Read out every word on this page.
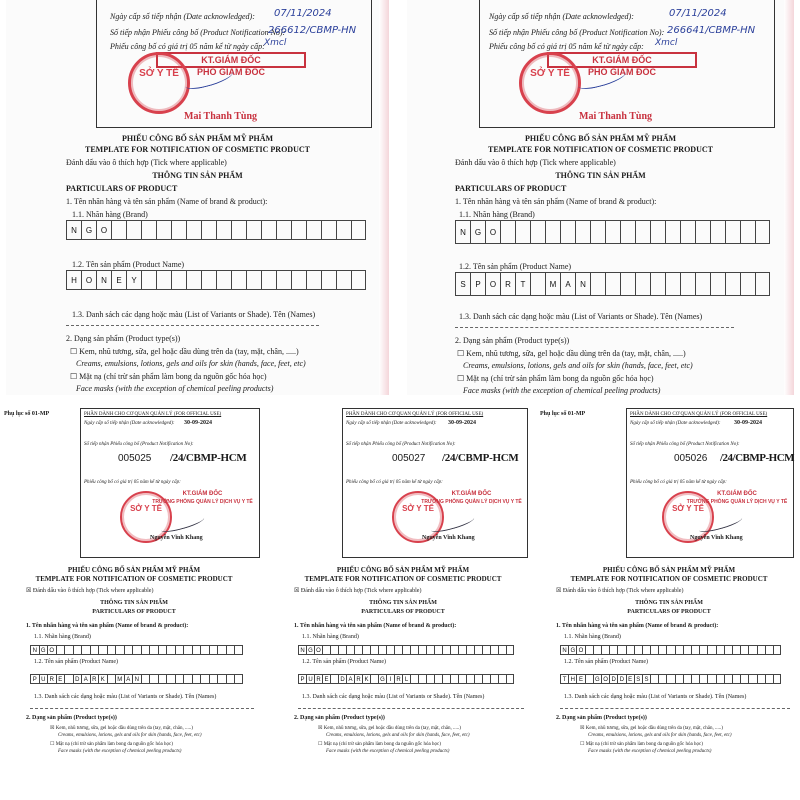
Ngày cấp số tiếp nhận (Date acknowledged): 07/11/2024
Số tiếp nhận Phiếu công bố (Product Notification No):
266612/CBMP-HN
Phiếu công bố có giá trị 05 năm kể từ ngày cấp: Xmcl
KT.GIÁM ĐỐC
PHÓ GIÁM ĐỐC
SỞ Y TẾ
Mai Thanh Tùng
PHIẾU CÔNG BỐ SẢN PHẨM MỸ PHẨM
TEMPLATE FOR NOTIFICATION OF COSMETIC PRODUCT
Đánh dấu vào ô thích hợp (Tick where applicable)
THÔNG TIN SẢN PHẨM
PARTICULARS OF PRODUCT
1. Tên nhãn hàng và tên sản phẩm (Name of brand & product):
1.1. Nhãn hàng (Brand)
N	G	O
1.2. Tên sản phẩm (Product Name)
H	O	N	E	Y
1.3. Danh sách các dạng hoặc màu (List of Variants or Shade). Tên (Names)
2. Dạng sản phẩm (Product type(s))
☐ Kem, nhũ tương, sữa, gel hoặc dầu dùng trên da (tay, mặt, chân, .....)
Creams, emulsions, lotions, gels and oils for skin (hands, face, feet, etc)
☐ Mặt nạ (chỉ trừ sản phẩm làm bong da nguồn gốc hóa học)
Face masks (with the exception of chemical peeling products)
Ngày cấp số tiếp nhận (Date acknowledged):	07/11/2024
Số tiếp nhận Phiếu công bố (Product Notification No): 266641/CBMP-HN
Phiếu công bố có giá trị 05 năm kể từ ngày cấp: Xmcl
KT.GIÁM ĐỐC
PHÓ GIÁM ĐỐC
SỞ Y TẾ
Mai Thanh Tùng
PHIẾU CÔNG BỐ SẢN PHẨM MỸ PHẨM
TEMPLATE FOR NOTIFICATION OF COSMETIC PRODUCT
Đánh dấu vào ô thích hợp (Tick where applicable)
THÔNG TIN SẢN PHẨM
PARTICULARS OF PRODUCT
1. Tên nhãn hàng và tên sản phẩm (Name of brand & product):
1.1. Nhãn hàng (Brand)
N	G	O
1.2. Tên sản phẩm (Product Name)
S	P	O	R	T	M	A	N
1.3. Danh sách các dạng hoặc màu (List of Variants or Shade). Tên (Names)
2. Dạng sản phẩm (Product type(s))
☐ Kem, nhũ tương, sữa, gel hoặc dầu dùng trên da (tay, mặt, chân, .....)
Creams, emulsions, lotions, gels and oils for skin (hands, face, feet, etc)
☐ Mặt nạ (chỉ trừ sản phẩm làm bong da nguồn gốc hóa học)
Face masks (with the exception of chemical peeling products)
Phụ lục số 01-MP	PHẦN DÀNH CHO CƠ QUAN QUẢN LÝ (FOR OFFICIAL USE)
Ngày cấp số tiếp nhận (Date acknowledged): 30-09-2024
Số tiếp nhận Phiếu công bố (Product Notification No):
005025 /24/CBMP-HCM
Phiếu công bố có giá trị 05 năm kể từ ngày cấp:
SỞ Y TẾ
KT.GIÁM ĐỐC
TRƯỞNG PHÒNG QUẢN LÝ DỊCH VỤ Y TẾ
Nguyễn Vĩnh Khang
PHIẾU CÔNG BỐ SẢN PHẨM MỸ PHẨM
TEMPLATE FOR NOTIFICATION OF COSMETIC PRODUCT
☒ Đánh dấu vào ô thích hợp (Tick where applicable)
THÔNG TIN SẢN PHẨM
PARTICULARS OF PRODUCT
1. Tên nhãn hàng và tên sản phẩm (Name of brand & product):
1.1. Nhãn hàng (Brand)
N G O
1.2. Tên sản phẩm (Product Name)
P U R E	D A R K	M A N
1.3. Danh sách các dạng hoặc màu (List of Variants or Shade). Tên (Names)
2. Dạng sản phẩm (Product type(s))
☒ Kem, nhũ tương, sữa, gel hoặc dầu dùng trên da (tay, mặt, chân, .....)
Creams, emulsions, lotions, gels and oils for skin (hands, face, feet, etc)
☐ Mặt nạ (chỉ trừ sản phẩm làm bong da nguồn gốc hóa học)
Face masks (with the exception of chemical peeling products)
PHẦN DÀNH CHO CƠ QUAN QUẢN LÝ (FOR OFFICIAL USE)
Ngày cấp số tiếp nhận (Date acknowledged): 30-09-2024
Số tiếp nhận Phiếu công bố (Product Notification No):
005027 /24/CBMP-HCM
Phiếu công bố có giá trị 05 năm kể từ ngày cấp:
SỞ Y TẾ
KT.GIÁM ĐỐC
TRƯỞNG PHÒNG QUẢN LÝ DỊCH VỤ Y TẾ
Nguyễn Vĩnh Khang
PHIẾU CÔNG BỐ SẢN PHẨM MỸ PHẨM
TEMPLATE FOR NOTIFICATION OF COSMETIC PRODUCT
☒ Đánh dấu vào ô thích hợp (Tick where applicable)
THÔNG TIN SẢN PHẨM
PARTICULARS OF PRODUCT
1. Tên nhãn hàng và tên sản phẩm (Name of brand & product):
1.1. Nhãn hàng (Brand)
N G O
1.2. Tên sản phẩm (Product Name)
P U R E	D A R K	G I R L
1.3. Danh sách các dạng hoặc màu (List of Variants or Shade). Tên (Names)
2. Dạng sản phẩm (Product type(s))
☒ Kem, nhũ tương, sữa, gel hoặc dầu dùng trên da (tay, mặt, chân, .....)
Creams, emulsions, lotions, gels and oils for skin (hands, face, feet, etc)
☐ Mặt nạ (chỉ trừ sản phẩm làm bong da nguồn gốc hóa học)
Face masks (with the exception of chemical peeling products)
Phụ lục số 01-MP	PHẦN DÀNH CHO CƠ QUAN QUẢN LÝ (FOR OFFICIAL USE)
Ngày cấp số tiếp nhận (Date acknowledged): 30-09-2024
Số tiếp nhận Phiếu công bố (Product Notification No):
005026 /24/CBMP-HCM
Phiếu công bố có giá trị 05 năm kể từ ngày cấp:
SỞ Y TẾ
KT.GIÁM ĐỐC
TRƯỞNG PHÒNG QUẢN LÝ DỊCH VỤ Y TẾ
Nguyễn Vĩnh Khang
PHIẾU CÔNG BỐ SẢN PHẨM MỸ PHẨM
TEMPLATE FOR NOTIFICATION OF COSMETIC PRODUCT
☒ Đánh dấu vào ô thích hợp (Tick where applicable)
THÔNG TIN SẢN PHẨM
PARTICULARS OF PRODUCT
1. Tên nhãn hàng và tên sản phẩm (Name of brand & product):
1.1. Nhãn hàng (Brand)
N G O
1.2. Tên sản phẩm (Product Name)
T H E	G O D D E S S
1.3. Danh sách các dạng hoặc màu (List of Variants or Shade). Tên (Names)
2. Dạng sản phẩm (Product type(s))
☒ Kem, nhũ tương, sữa, gel hoặc dầu dùng trên da (tay, mặt, chân, .....)
Creams, emulsions, lotions, gels and oils for skin (hands, face, feet, etc)
☐ Mặt nạ (chỉ trừ sản phẩm làm bong da nguồn gốc hóa học)
Face masks (with the exception of chemical peeling products)
